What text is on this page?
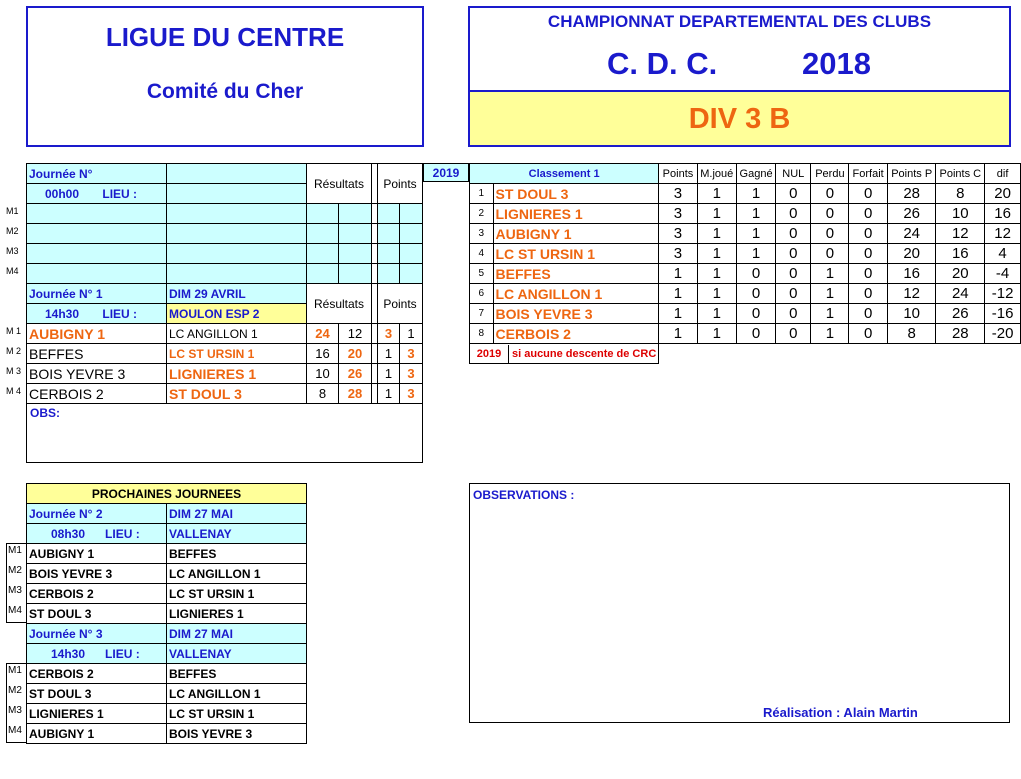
LIGUE DU CENTRE
Comité du Cher
CHAMPIONNAT DEPARTEMENTAL DES CLUBS
C. D. C.	2018
DIV 3 B
M1
M2
M3
M4
M 1
M 2
M 3
M 4
Journée N°		Résultats			Points	
00h00 LIEU :						

Journée N° 1	DIM 29 AVRIL	Résultats			Points	
14h30 LIEU :	MOULON ESP 2					
AUBIGNY 1	LC ANGILLON 1	24	12		3	1
BEFFES	LC ST URSIN 1	16	20		1	3
BOIS YEVRE 3	LIGNIERES 1	10	26		1	3
CERBOIS 2	ST DOUL 3	8	28		1	3
OBS:
2019	Classement 1		Points	M.joué	Gagné	NUL	Perdu	Forfait	Points P	Points C	dif
1	ST DOUL 3	3	1	1	0	0	0	28	8	20
2	LIGNIERES 1	3	1	1	0	0	0	26	10	16
3	AUBIGNY 1	3	1	1	0	0	0	24	12	12
4	LC ST URSIN 1	3	1	1	0	0	0	20	16	4
5	BEFFES	1	1	0	0	1	0	16	20	-4
6	LC ANGILLON 1	1	1	0	0	1	0	12	24	-12
7	BOIS YEVRE 3	1	1	0	0	1	0	10	26	-16
8	CERBOIS 2	1	1	0	0	1	0	8	28	-20
2019 si aucune descente de CRC										
OBSERVATIONS :
Réalisation : Alain Martin
M1
M2
M3
M4
M1
M2
M3
M4
PROCHAINES JOURNEES	
Journée N° 2	DIM 27 MAI
08h30 LIEU :	VALLENAY
AUBIGNY 1	BEFFES
BOIS YEVRE 3	LC ANGILLON 1
CERBOIS 2	LC ST URSIN 1
ST DOUL 3	LIGNIERES 1
Journée N° 3	DIM 27 MAI
14h30 LIEU :	VALLENAY
CERBOIS 2	BEFFES
ST DOUL 3	LC ANGILLON 1
LIGNIERES 1	LC ST URSIN 1
AUBIGNY 1	BOIS YEVRE 3
